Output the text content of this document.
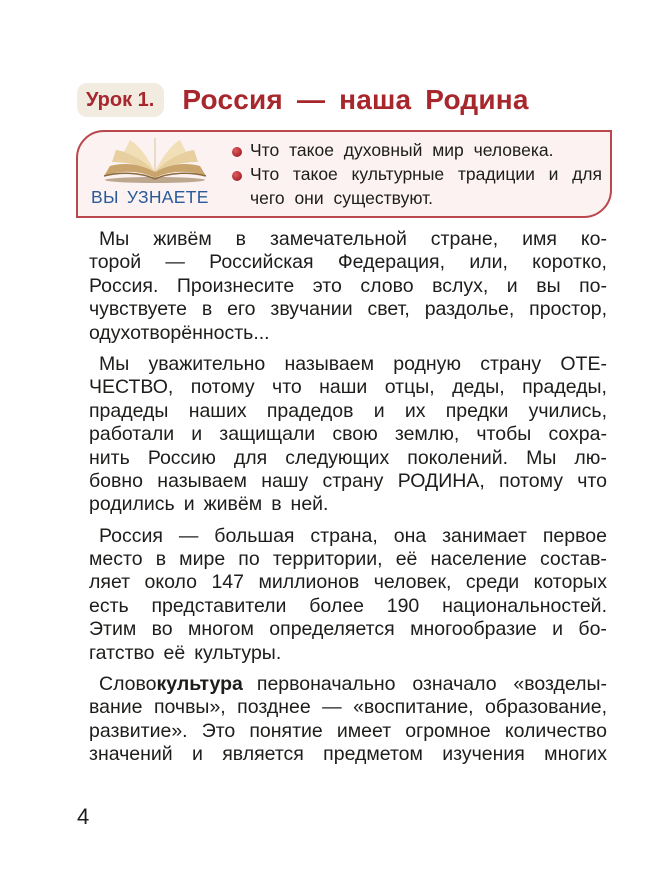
Урок 1.	Россия — наша Родина
ВЫ УЗНАЕТЕ
Что такое духовный мир человека.
Что такое культурные традиции и для чего они существуют.
Мы живём в замечательной стране, имя ко-
торой — Российская Федерация, или, коротко,
Россия. Произнесите это слово вслух, и вы по-
чувствуете в его звучании свет, раздолье, простор,
одухотворённость...
Мы уважительно называем родную страну ОТЕ-
ЧЕСТВО, потому что наши отцы, деды, прадеды,
прадеды наших прадедов и их предки учились,
работали и защищали свою землю, чтобы сохра-
нить Россию для следующих поколений. Мы лю-
бовно называем нашу страну РОДИНА, потому что
родились и живём в ней.
Россия — большая страна, она занимает первое
место в мире по территории, её население состав-
ляет около 147 миллионов человек, среди которых
есть представители более 190 национальностей.
Этим во многом определяется многообразие и бо-
гатство её культуры.
Слово культура первоначально означало «возделы-
вание почвы», позднее — «воспитание, образование,
развитие». Это понятие имеет огромное количество
значений и является предметом изучения многих
4
